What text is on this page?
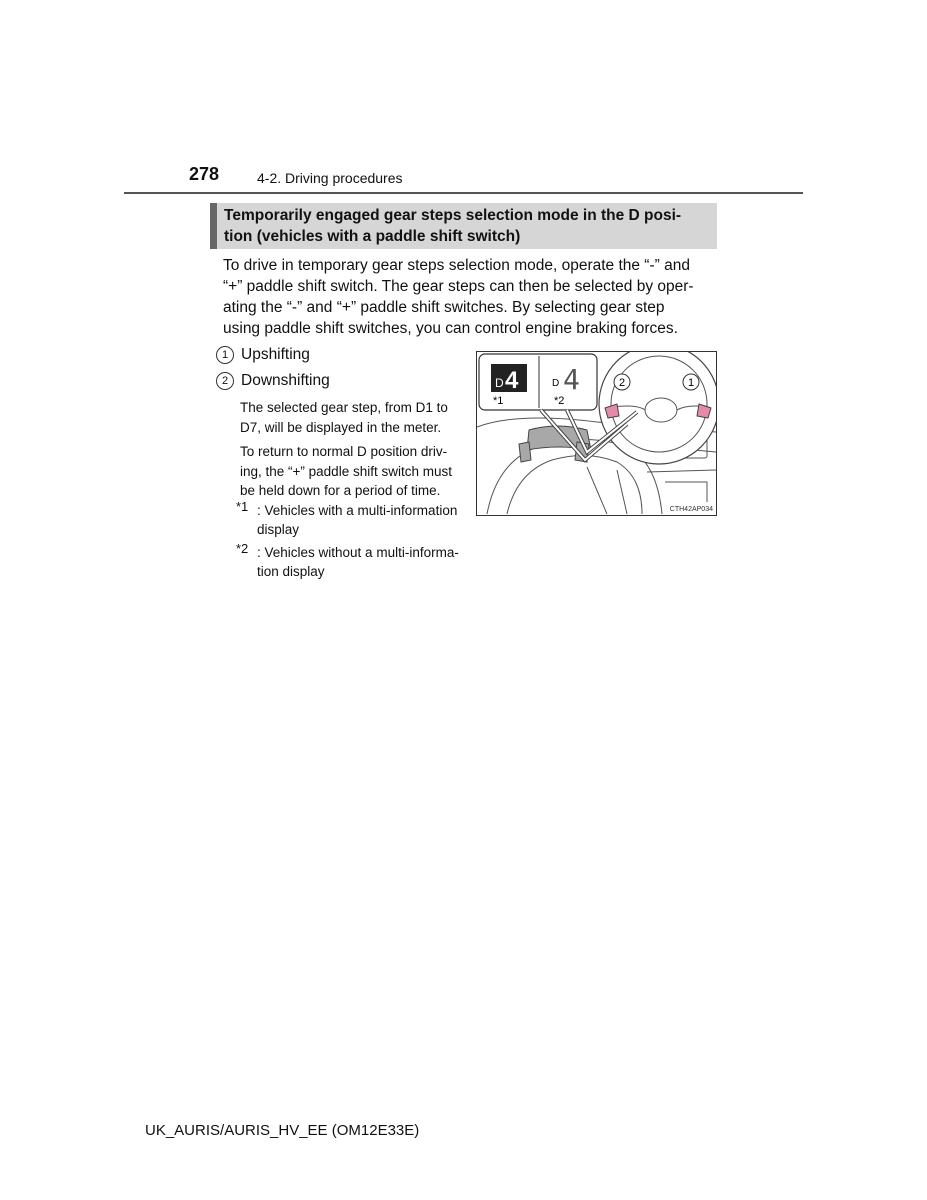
278	4-2. Driving procedures
Temporarily engaged gear steps selection mode in the D posi-
tion (vehicles with a paddle shift switch)
To drive in temporary gear steps selection mode, operate the “-” and
“+” paddle shift switch. The gear steps can then be selected by oper-
ating the “-” and “+” paddle shift switches. By selecting gear step
using paddle shift switches, you can control engine braking forces.
1 Upshifting
2 Downshifting
The selected gear step, from D1 to
D7, will be displayed in the meter.
To return to normal D position driv-
ing, the “+” paddle shift switch must
be held down for a period of time.
*1 : Vehicles with a multi-information
display
*2 : Vehicles without a multi-informa-
tion display
2	1
D 4	D 4
*1	*2
CTH42AP034
UK_AURIS/AURIS_HV_EE (OM12E33E)
